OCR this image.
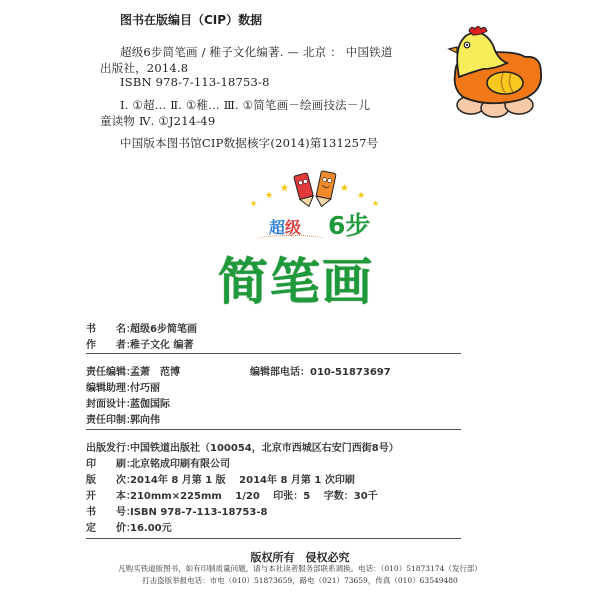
图书在版编目（CIP）数据
超级6步简笔画 / 稚子文化编著. — 北京 ： 中国铁道
出版社，2014.8
ISBN 978-7-113-18753-8
Ⅰ. ①超… Ⅱ. ①稚… Ⅲ. ①简笔画－绘画技法－儿
童读物 Ⅳ. ①J214-49
中国版本图书馆CIP数据核字(2014)第131257号
★
★
★	★
★
★
超级 6步
简笔画
书　　名：超级6步简笔画
作　　者：稚子文化 编著
责任编辑：孟萧　范博	编辑部电话：010-51873697
编辑助理：付巧丽
封面设计：蓝伽国际
责任印制：郭向伟
出版发行：中国铁道出版社（100054，北京市西城区右安门西街8号）
印　　刷：北京铭成印刷有限公司
版　　次：2014年 8 月第 1 版　 2014年 8 月第 1 次印刷
开　　本：210mm×225mm　 1/20　 印张：5　 字数：30千
书　　号：ISBN 978-7-113-18753-8
定　　价：16.00元
版权所有　侵权必究
凡购买铁道版图书，如有印制质量问题，请与本社读者服务部联系调换。电话：（010）51873174（发行部）
打击盗版举报电话：市电（010）51873659，路电（021）73659，传真（010）63549480
